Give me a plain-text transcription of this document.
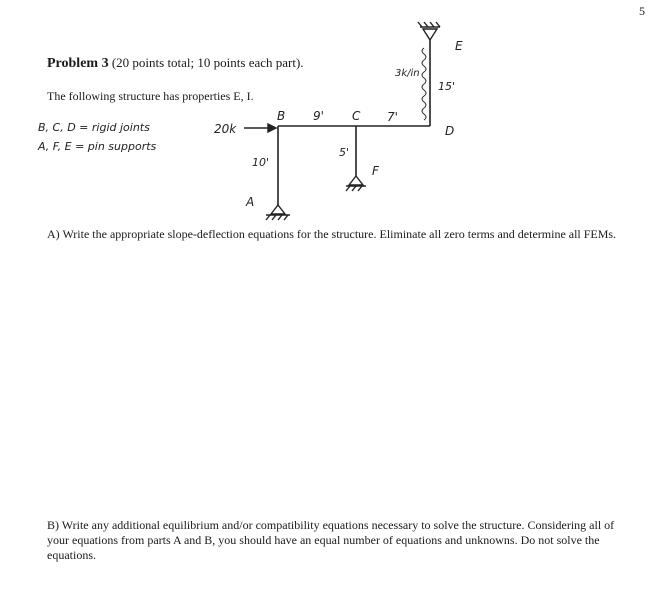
5
Problem 3 (20 points total; 10 points each part).
The following structure has properties E, I.
B, C, D = rigid joints
A, F, E = pin supports
20k
A
B	C
D
E
F
9'	7'
10'
5'
15'
3k/in
A) Write the appropriate slope-deflection equations for the structure. Eliminate all zero terms and determine all FEMs.
B) Write any additional equilibrium and/or compatibility equations necessary to solve the structure. Considering all of your equations from parts A and B, you should have an equal number of equations and unknowns. Do not solve the equations.
